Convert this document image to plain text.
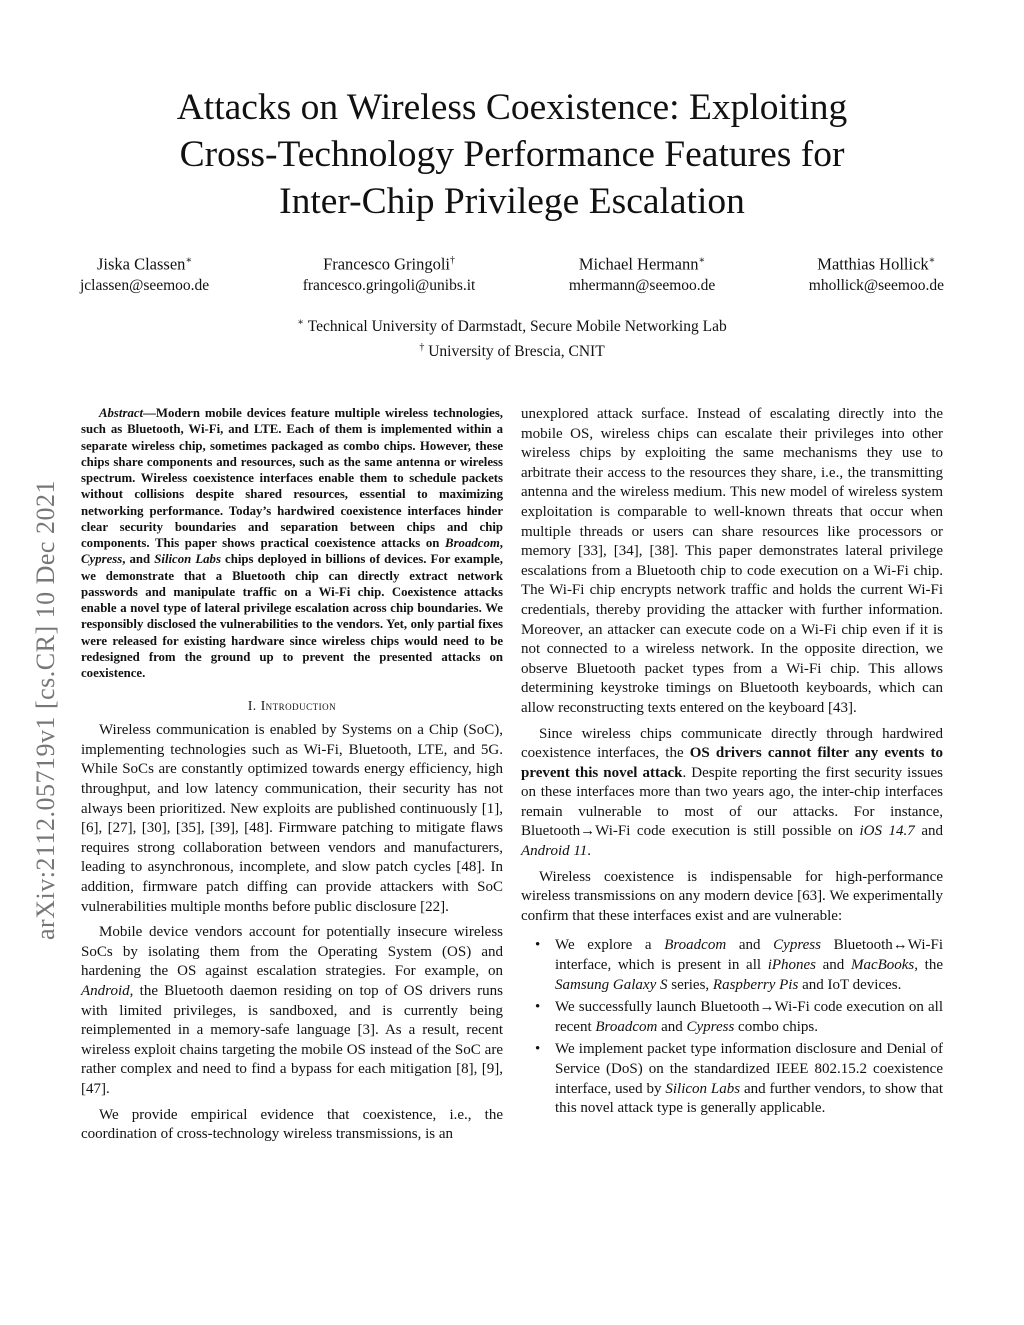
arXiv:2112.05719v1 [cs.CR] 10 Dec 2021
Attacks on Wireless Coexistence: Exploiting
Cross-Technology Performance Features for
Inter-Chip Privilege Escalation
Jiska Classen∗
jclassen@seemoo.de
Francesco Gringoli†
francesco.gringoli@unibs.it
Michael Hermann∗
mhermann@seemoo.de
Matthias Hollick∗
mhollick@seemoo.de
∗ Technical University of Darmstadt, Secure Mobile Networking Lab
† University of Brescia, CNIT

Abstract—Modern mobile devices feature multiple wireless technologies, such as Bluetooth, Wi-Fi, and LTE. Each of them is implemented within a separate wireless chip, sometimes packaged as combo chips. However, these chips share components and resources, such as the same antenna or wireless spectrum. Wireless coexistence interfaces enable them to schedule packets without collisions despite shared resources, essential to maximizing networking performance. Today’s hardwired coexistence interfaces hinder clear security boundaries and separation between chips and chip components. This paper shows practical coexistence attacks on Broadcom, Cypress, and Silicon Labs chips deployed in billions of devices. For example, we demonstrate that a Bluetooth chip can directly extract network passwords and manipulate traffic on a Wi-Fi chip. Coexistence attacks enable a novel type of lateral privilege escalation across chip boundaries. We responsibly disclosed the vulnerabilities to the vendors. Yet, only partial fixes were released for existing hardware since wireless chips would need to be redesigned from the ground up to prevent the presented attacks on coexistence.

I. Introduction

Wireless communication is enabled by Systems on a Chip (SoC), implementing technologies such as Wi-Fi, Bluetooth, LTE, and 5G. While SoCs are constantly optimized towards energy efficiency, high throughput, and low latency communication, their security has not always been prioritized. New exploits are published continuously [1], [6], [27], [30], [35], [39], [48]. Firmware patching to mitigate flaws requires strong collaboration between vendors and manufacturers, leading to asynchronous, incomplete, and slow patch cycles [48]. In addition, firmware patch diffing can provide attackers with SoC vulnerabilities multiple months before public disclosure [22].

Mobile device vendors account for potentially insecure wireless SoCs by isolating them from the Operating System (OS) and hardening the OS against escalation strategies. For example, on Android, the Bluetooth daemon residing on top of OS drivers runs with limited privileges, is sandboxed, and is currently being reimplemented in a memory-safe language [3]. As a result, recent wireless exploit chains targeting the mobile OS instead of the SoC are rather complex and need to find a bypass for each mitigation [8], [9], [47].

We provide empirical evidence that coexistence, i.e., the coordination of cross-technology wireless transmissions, is an

unexplored attack surface. Instead of escalating directly into the mobile OS, wireless chips can escalate their privileges into other wireless chips by exploiting the same mechanisms they use to arbitrate their access to the resources they share, i.e., the transmitting antenna and the wireless medium. This new model of wireless system exploitation is comparable to well-known threats that occur when multiple threads or users can share resources like processors or memory [33], [34], [38]. This paper demonstrates lateral privilege escalations from a Bluetooth chip to code execution on a Wi-Fi chip. The Wi-Fi chip encrypts network traffic and holds the current Wi-Fi credentials, thereby providing the attacker with further information. Moreover, an attacker can execute code on a Wi-Fi chip even if it is not connected to a wireless network. In the opposite direction, we observe Bluetooth packet types from a Wi-Fi chip. This allows determining keystroke timings on Bluetooth keyboards, which can allow reconstructing texts entered on the keyboard [43].

Since wireless chips communicate directly through hardwired coexistence interfaces, the OS drivers cannot filter any events to prevent this novel attack. Despite reporting the first security issues on these interfaces more than two years ago, the inter-chip interfaces remain vulnerable to most of our attacks. For instance, Bluetooth→Wi-Fi code execution is still possible on iOS 14.7 and Android 11.

Wireless coexistence is indispensable for high-performance wireless transmissions on any modern device [63]. We experimentally confirm that these interfaces exist and are vulnerable:

• We explore a Broadcom and Cypress Bluetooth↔Wi-Fi interface, which is present in all iPhones and MacBooks, the Samsung Galaxy S series, Raspberry Pis and IoT devices.
• We successfully launch Bluetooth→Wi-Fi code execution on all recent Broadcom and Cypress combo chips.
• We implement packet type information disclosure and Denial of Service (DoS) on the standardized IEEE 802.15.2 coexistence interface, used by Silicon Labs and further vendors, to show that this novel attack type is generally applicable.
